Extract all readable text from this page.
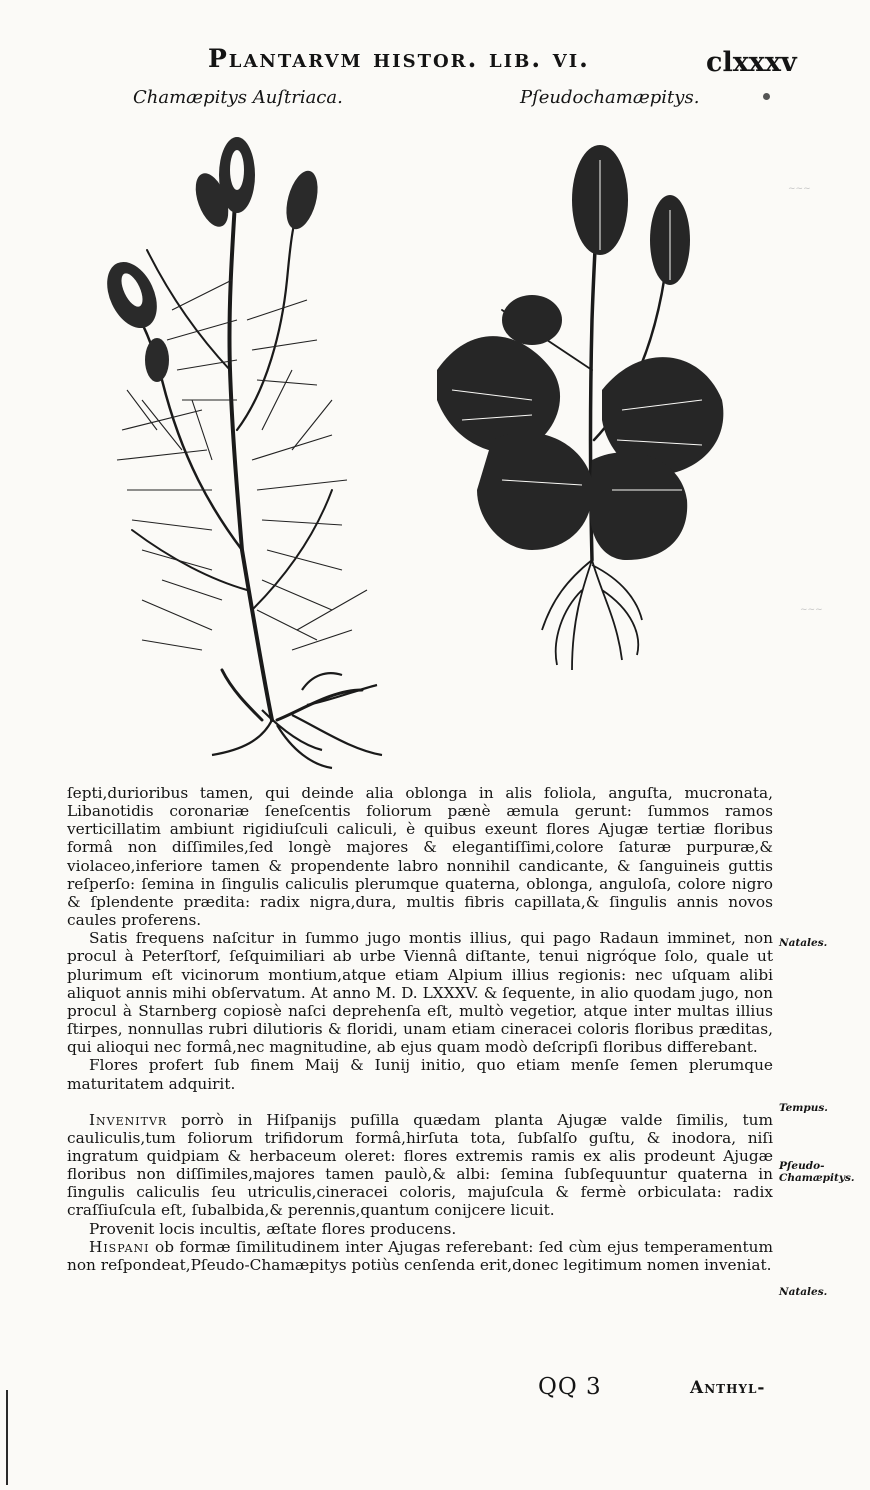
Plantarvm histor. lib. vi.	clxxxv
Chamæpitys Auſtriaca.	Pſeudochamæpitys.
~~~
~~~

ſepti,durioribus tamen, qui deinde alia oblonga in alis foliola, anguſta, mucronata, Libanotidis coronariæ ſeneſcentis foliorum pænè æmula gerunt: ſummos ramos verticillatim ambiunt rigidiuſculi caliculi, è quibus exeunt flores Ajugæ tertiæ floribus formâ non diſſimiles,ſed longè majores & elegantiſſimi,colore ſaturæ purpuræ,& violaceo,inferiore tamen & propendente labro nonnihil candicante, & ſanguineis guttis reſperſo: ſemina in ſingulis caliculis plerumque quaterna, oblonga, anguloſa, colore nigro & ſplendente prædita: radix nigra,dura, multis fibris capillata,& ſingulis annis novos caules proferens.

Satis frequens naſcitur in ſummo jugo montis illius, qui pago Radaun imminet, non procul à Peterſtorf, ſeſquimiliari ab urbe Viennâ diſtante, tenui nigróque ſolo, quale ut plurimum eſt vicinorum montium,atque etiam Alpium illius regionis: nec uſquam alibi aliquot annis mihi obſervatum. At anno M. D. LXXXV. & ſequente, in alio quodam jugo, non procul à Starnberg copiosè naſci deprehenſa eſt, multò vegetior, atque inter multas illius ſtirpes, nonnullas rubri dilutioris & floridi, unam etiam cineracei coloris floribus præditas, qui alioqui nec formâ,nec magnitudine, ab ejus quam modò deſcripſi floribus differebant.

Flores profert ſub finem Maij & Iunij initio, quo etiam menſe ſemen plerumque maturitatem adquirit.

Invenitvr porrò in Hiſpanijs puſilla quædam planta Ajugæ valde ſimilis, tum cauliculis,tum foliorum trifidorum formâ,hirſuta tota, ſubſalſo guſtu, & inodora, niſi ingratum quidpiam & herbaceum oleret: flores extremis ramis ex alis prodeunt Ajugæ floribus non diſſimiles,majores tamen paulò,& albi: ſemina ſubſequuntur quaterna in ſingulis caliculis ſeu utriculis,cineracei coloris, majuſcula & fermè orbiculata: radix craſſiuſcula eſt, ſubalbida,& perennis,quantum conijcere licuit.

Provenit locis incultis, æſtate flores producens.

Hispani ob formæ ſimilitudinem inter Ajugas referebant: ſed cùm ejus temperamentum non reſpondeat,Pſeudo-Chamæpitys potiùs cenſenda erit,donec legitimum nomen inveniat.

Natales.
Tempus.
Pſeudo-Chamæpitys.
Natales.
QQ 3	Anthyl-
